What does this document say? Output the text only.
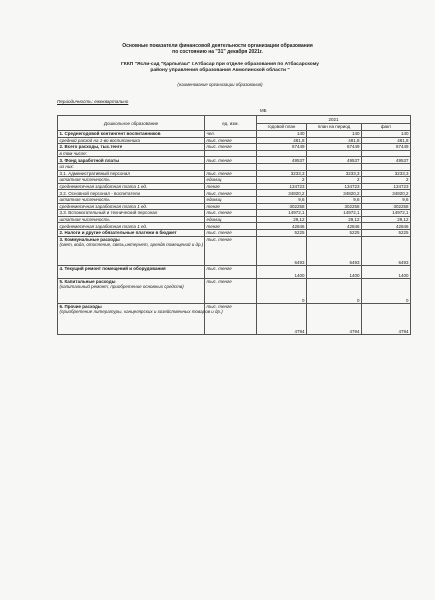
Основные показатели финансовой деятельности организации образования
по состоянию на "31" декабря 2021г.
ГККП "Ясли-сад "Қарлығаш" г.Атбасар при отделе образования по Атбасарскому
району управления образования Акмолинской области "
(наименование организации образования)
Периодичность: ежеквартально
МБ
Дошкольное образование	ед. изм.	2021		
		годовой план	план на период	факт
1. Среднегодовой контингент воспитанников	чел.	140	140	140
средний расход на 1-во воспитанника	тыс. тенге	481,8	481,8	481,8
2. Всего расходы, тыс.тенге	тыс. тенге	67449	67449	67449
в том числе:				
3. Фонд заработной платы	тыс. тенге	49537	49537	49537
из них:				
3.1. Административный персонал	тыс. тенге	3233,3	3233,3	3233,3
штатная численность	единиц	2	2	2
среднемесячная заработная плата 1 ед.	тенге	134723	134723	134723
3.2. Основной персонал - воспитатели	тыс. тенге	34820,2	34820,2	34820,2
штатная численность	единиц	9,6	9,6	9,6
среднемесячная заработная плата 1 ед.	тенге	302258	302258	302258
3.3. Вспомогательный и технический персонал	тыс. тенге	14972,1	14972,1	14972,1
штатная численность	единиц	29,12	29,12	29,12
среднемесячная заработная плата 1 ед.	тенге	42846	42846	42846
2. Налоги и другие обязательные платежи в бюджет	тыс. тенге	5225	5225	5225
3. Коммунальные расходы
(свет, вода, отопление, связь,интернет, арендв помещений и др.)	тыс. тенге	6493	6493	6493
4. Текущий ремонт помещений и оборудования	тыс. тенге	1400	1400	1400
5. Капитальные расходы
(капитальный ремонт, приобретение основных средств)	тыс. тенге	0	0	0
6. Прочие расходы
(приобретение литературы, канцелярских и хозяйственных товаров и др.)	тыс. тенге	4794	4794	4794
